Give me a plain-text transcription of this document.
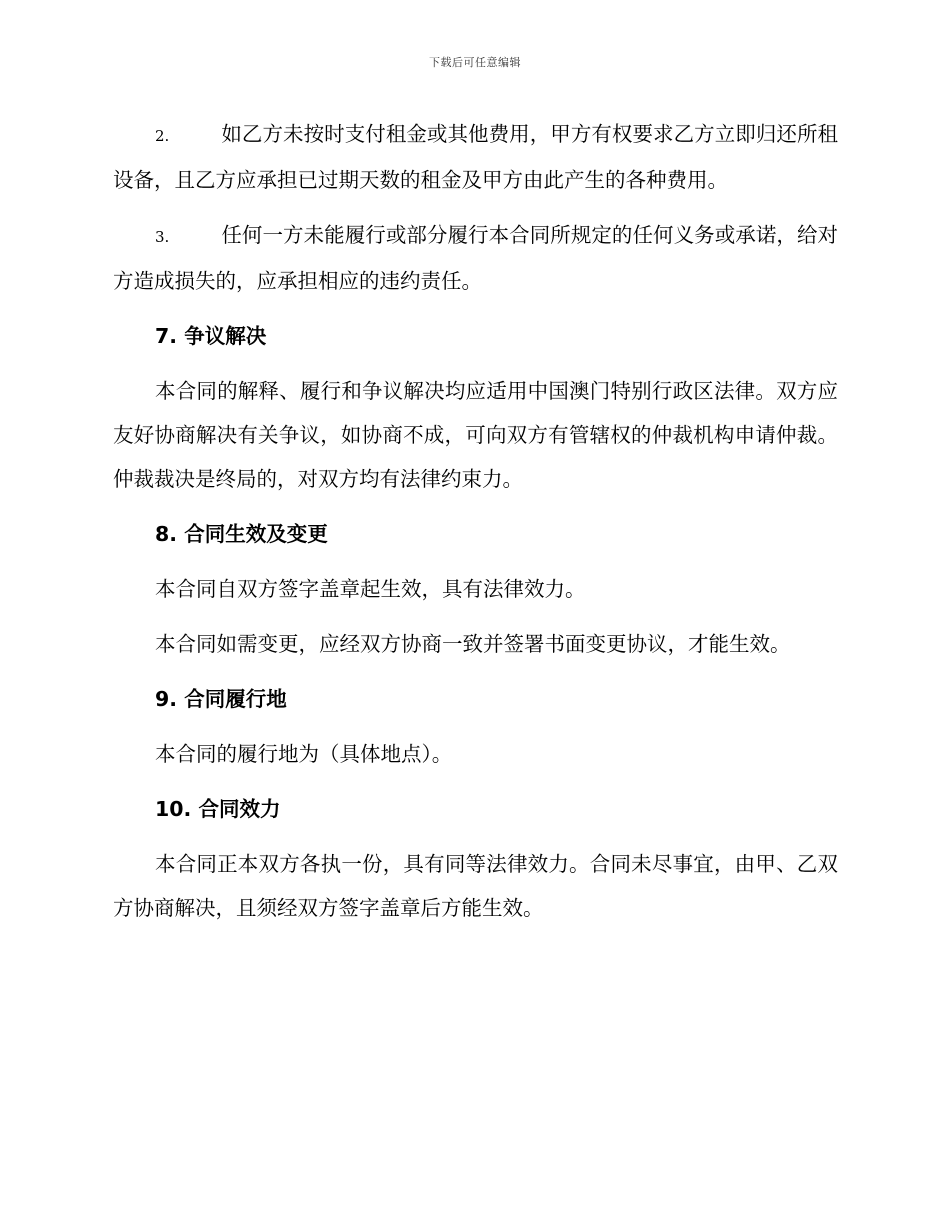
下载后可任意编辑

2.	如乙方未按时支付租金或其他费用，甲方有权要求乙方立即归还所租设备，且乙方应承担已过期天数的租金及甲方由此产生的各种费用。

3.	任何一方未能履行或部分履行本合同所规定的任何义务或承诺，给对方造成损失的，应承担相应的违约责任。

7. 争议解决

本合同的解释、履行和争议解决均应适用中国澳门特别行政区法律。双方应友好协商解决有关争议，如协商不成，可向双方有管辖权的仲裁机构申请仲裁。仲裁裁决是终局的，对双方均有法律约束力。

8. 合同生效及变更

本合同自双方签字盖章起生效，具有法律效力。

本合同如需变更，应经双方协商一致并签署书面变更协议，才能生效。

9. 合同履行地

本合同的履行地为（具体地点）。

10. 合同效力

本合同正本双方各执一份，具有同等法律效力。合同未尽事宜，由甲、乙双方协商解决，且须经双方签字盖章后方能生效。
